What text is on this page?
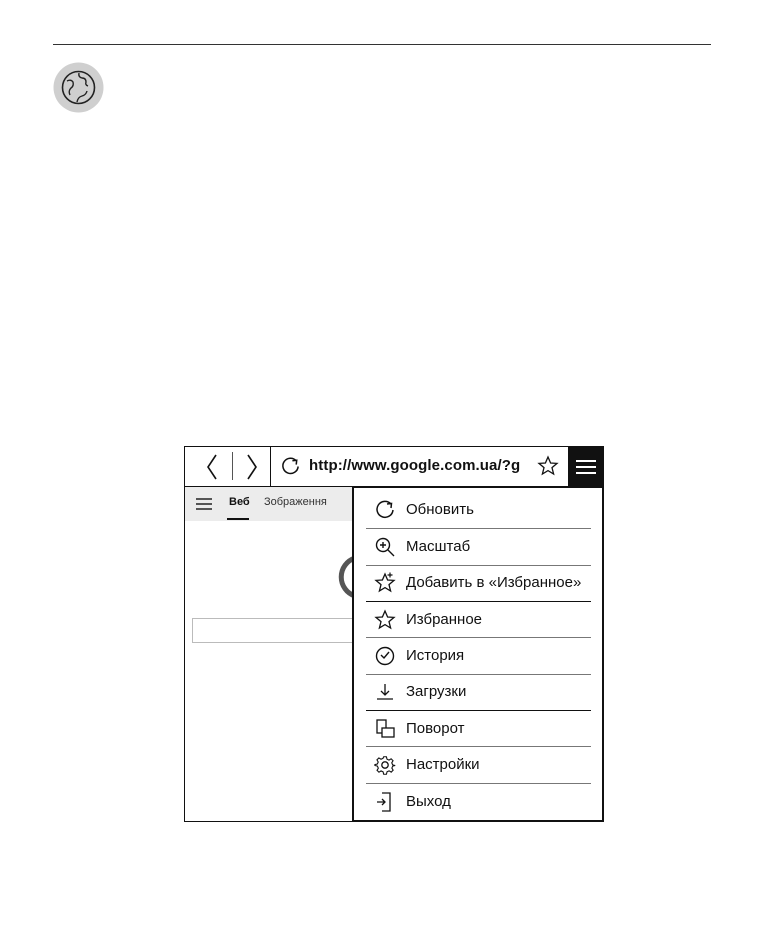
http://www.google.com.ua/?g
Веб Зображення	Обновить
Масштаб
Добавить в «Избранное»
Избранное
История
Загрузки
Поворот
Настройки
Выход
